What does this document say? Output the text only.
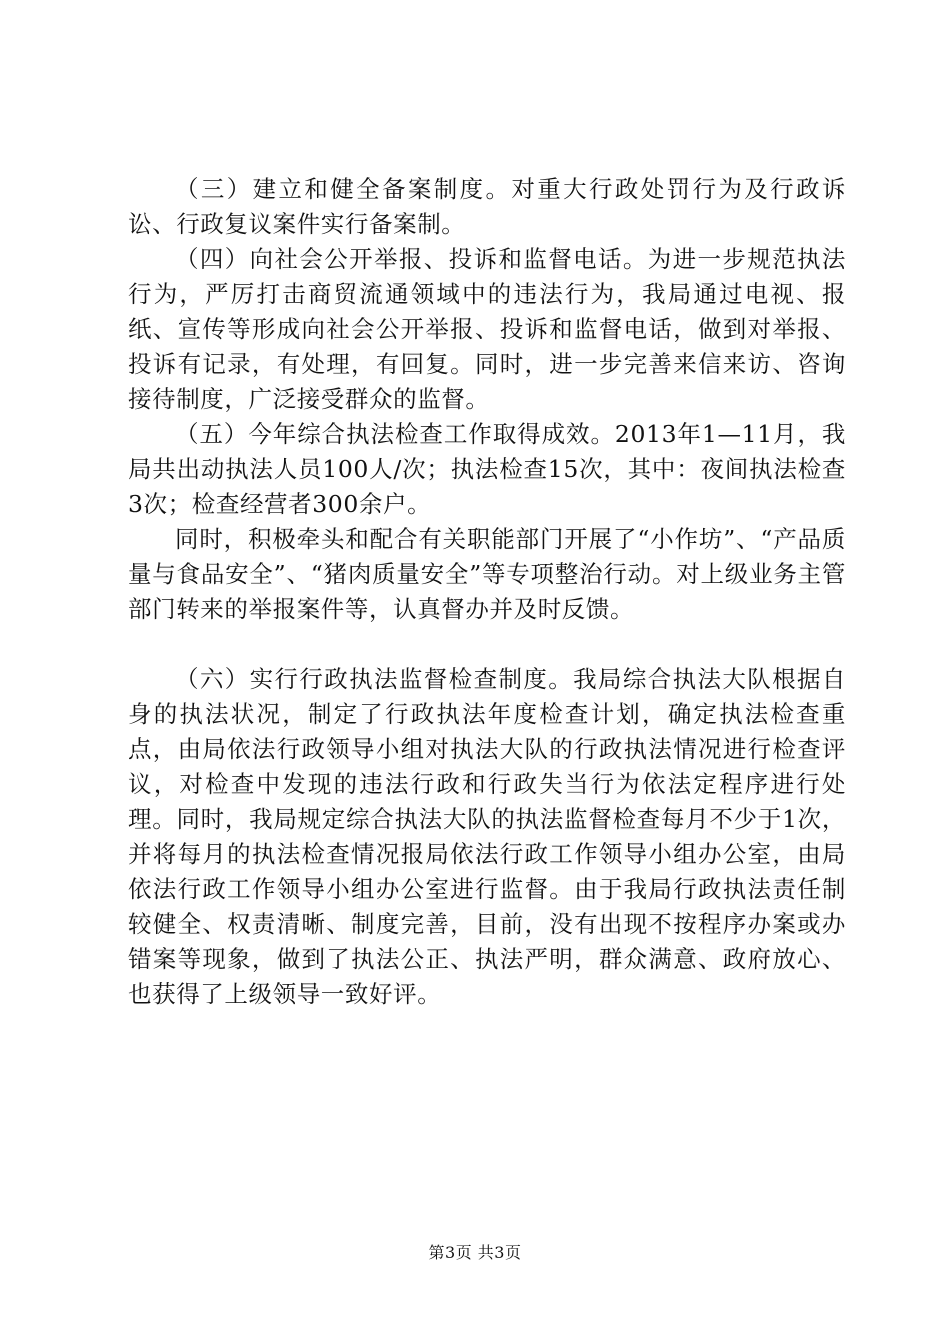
（三）建立和健全备案制度。对重大行政处罚行为及行政诉讼、行政复议案件实行备案制。

（四）向社会公开举报、投诉和监督电话。为进一步规范执法行为，严厉打击商贸流通领域中的违法行为，我局通过电视、报纸、宣传等形成向社会公开举报、投诉和监督电话，做到对举报、投诉有记录，有处理，有回复。同时，进一步完善来信来访、咨询接待制度，广泛接受群众的监督。

（五）今年综合执法检查工作取得成效。2013年1—11月，我局共出动执法人员100人/次；执法检查15次，其中：夜间执法检查3次；检查经营者300余户。

同时，积极牵头和配合有关职能部门开展了“小作坊”、“产品质量与食品安全”、“猪肉质量安全”等专项整治行动。对上级业务主管部门转来的举报案件等，认真督办并及时反馈。

（六）实行行政执法监督检查制度。我局综合执法大队根据自身的执法状况，制定了行政执法年度检查计划，确定执法检查重点，由局依法行政领导小组对执法大队的行政执法情况进行检查评议，对检查中发现的违法行政和行政失当行为依法定程序进行处理。同时，我局规定综合执法大队的执法监督检查每月不少于1次，并将每月的执法检查情况报局依法行政工作领导小组办公室，由局依法行政工作领导小组办公室进行监督。由于我局行政执法责任制较健全、权责清晰、制度完善，目前，没有出现不按程序办案或办错案等现象，做到了执法公正、执法严明，群众满意、政府放心、也获得了上级领导一致好评。

第3页 共3页
